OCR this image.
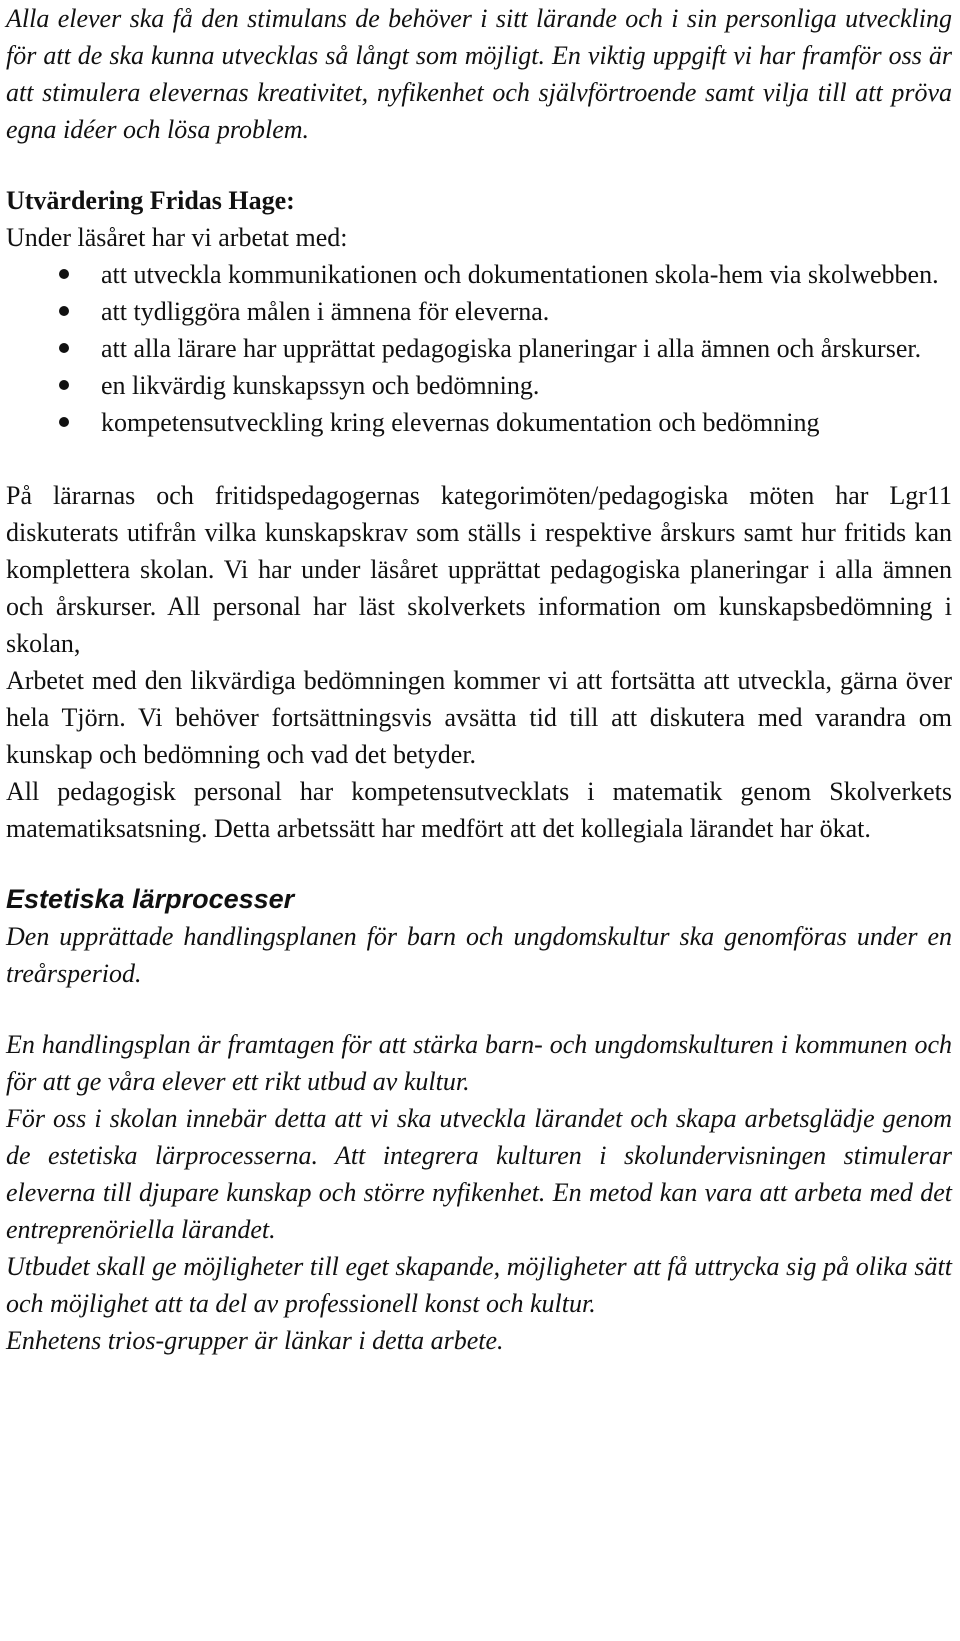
Alla elever ska få den stimulans de behöver i sitt lärande och i sin personliga utveckling för att de ska kunna utvecklas så långt som möjligt. En viktig uppgift vi har framför oss är att stimulera elevernas kreativitet, nyfikenhet och självförtroende samt vilja till att pröva egna idéer och lösa problem.

Utvärdering Fridas Hage:

Under läsåret har vi arbetat med:

att utveckla kommunikationen och dokumentationen skola-hem via skolwebben.
att tydliggöra målen i ämnena för eleverna.
att alla lärare har upprättat pedagogiska planeringar i alla ämnen och årskurser.
en likvärdig kunskapssyn och bedömning.
kompetensutveckling kring elevernas dokumentation och bedömning

På lärarnas och fritidspedagogernas kategorimöten/pedagogiska möten har Lgr11 diskuterats utifrån vilka kunskapskrav som ställs i respektive årskurs samt hur fritids kan komplettera skolan. Vi har under läsåret upprättat pedagogiska planeringar i alla ämnen och årskurser. All personal har läst skolverkets information om kunskapsbedömning i skolan,

Arbetet med den likvärdiga bedömningen kommer vi att fortsätta att utveckla, gärna över hela Tjörn. Vi behöver fortsättningsvis avsätta tid till att diskutera med varandra om kunskap och bedömning och vad det betyder.

All pedagogisk personal har kompetensutvecklats i matematik genom Skolverkets matematiksatsning. Detta arbetssätt har medfört att det kollegiala lärandet har ökat.

Estetiska lärprocesser

Den upprättade handlingsplanen för barn och ungdomskultur ska genomföras under en treårsperiod.

En handlingsplan är framtagen för att stärka barn- och ungdomskulturen i kommunen och för att ge våra elever ett rikt utbud av kultur.

För oss i skolan innebär detta att vi ska utveckla lärandet och skapa arbetsglädje genom de estetiska lärprocesserna. Att integrera kulturen i skolundervisningen stimulerar eleverna till djupare kunskap och större nyfikenhet. En metod kan vara att arbeta med det entreprenöriella lärandet.

Utbudet skall ge möjligheter till eget skapande, möjligheter att få uttrycka sig på olika sätt och möjlighet att ta del av professionell konst och kultur.

Enhetens trios-grupper är länkar i detta arbete.
